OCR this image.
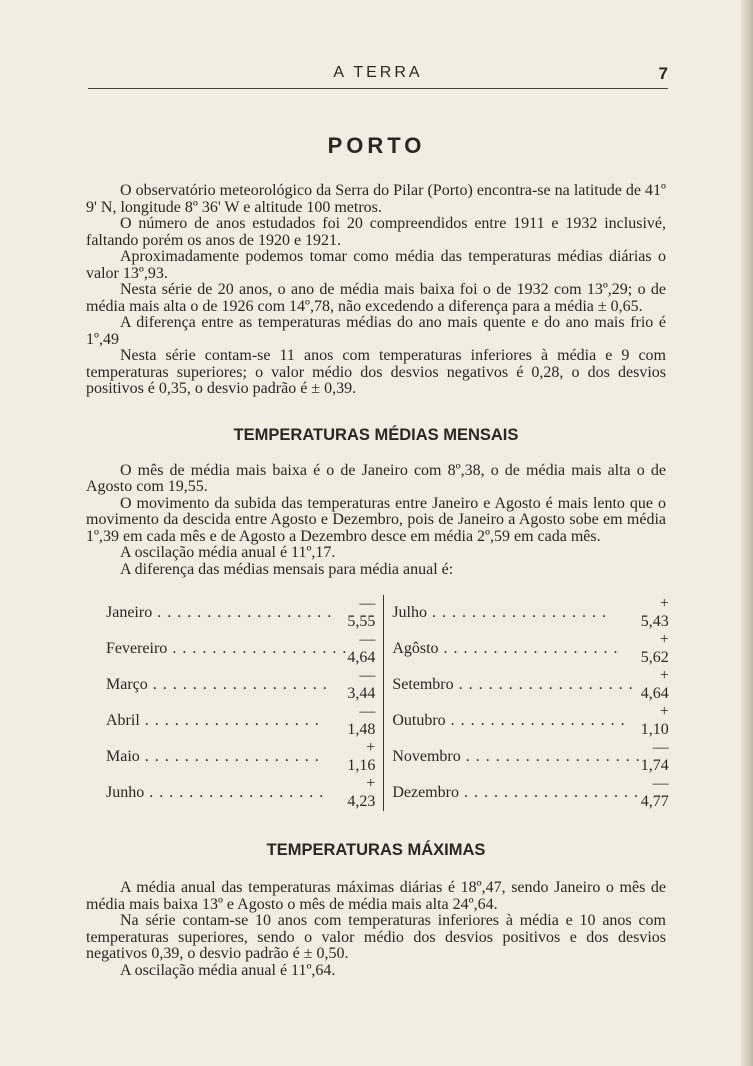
A TERRA	7
PORTO

O observatório meteorológico da Serra do Pilar (Porto) encontra-se na latitude de 41º 9' N, longitude 8º 36' W e altitude 100 metros.

O número de anos estudados foi 20 compreendidos entre 1911 e 1932 inclusivé, faltando porém os anos de 1920 e 1921.

Aproximadamente podemos tomar como média das temperaturas médias diárias o valor 13º,93.

Nesta série de 20 anos, o ano de média mais baixa foi o de 1932 com 13º,29; o de média mais alta o de 1926 com 14º,78, não excedendo a diferença para a média ± 0,65.

A diferença entre as temperaturas médias do ano mais quente e do ano mais frio é 1º,49

Nesta série contam-se 11 anos com temperaturas inferiores à média e 9 com temperaturas superiores; o valor médio dos desvios negativos é 0,28, o dos desvios positivos é 0,35, o desvio padrão é ± 0,39.

TEMPERATURAS MÉDIAS MENSAIS

O mês de média mais baixa é o de Janeiro com 8º,38, o de média mais alta o de Agosto com 19,55.

O movimento da subida das temperaturas entre Janeiro e Agosto é mais lento que o movimento da descida entre Agosto e Dezembro, pois de Janeiro a Agosto sobe em média 1º,39 em cada mês e de Agosto a Dezembro desce em média 2º,59 em cada mês.

A oscilação média anual é 11º,17.

A diferença das médias mensais para média anual é:

Janeiro . . .	— 5,55	Julho . . .	+ 5,43
Fevereiro . . .	— 4,64	Agôsto . . .	+ 5,62
Março . . .	— 3,44	Setembro . . .	+ 4,64
Abril . . .	— 1,48	Outubro . . .	+ 1,10
Maio . . .	+ 1,16	Novembro . . .	— 1,74
Junho . . .	+ 4,23	Dezembro . . .	— 4,77
TEMPERATURAS MÁXIMAS

A média anual das temperaturas máximas diárias é 18º,47, sendo Janeiro o mês de média mais baixa 13º e Agosto o mês de média mais alta 24º,64.

Na série contam-se 10 anos com temperaturas inferiores à média e 10 anos com temperaturas superiores, sendo o valor médio dos desvios positivos e dos desvios negativos 0,39, o desvio padrão é ± 0,50.

A oscilação média anual é 11º,64.
